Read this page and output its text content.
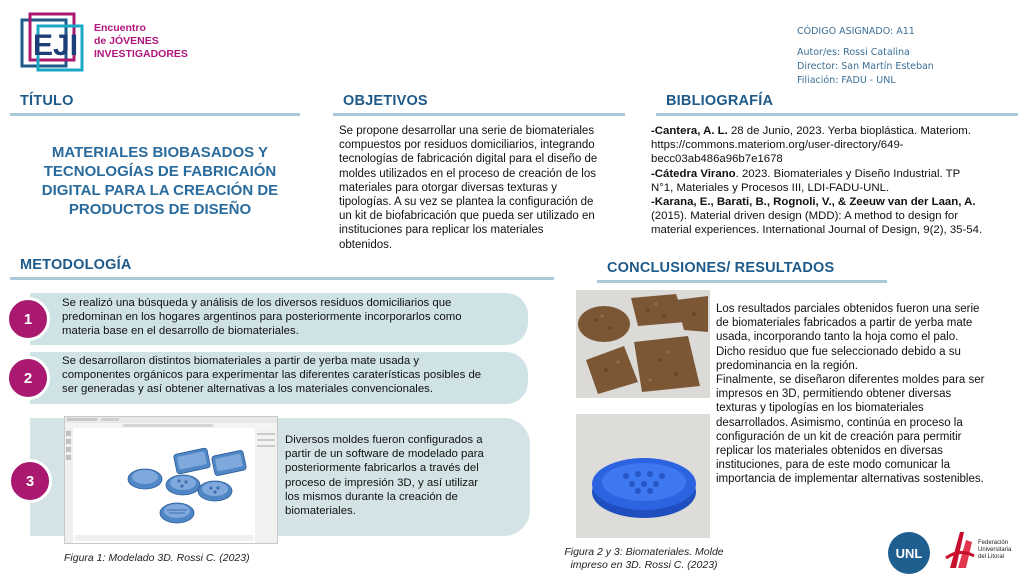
EJI
Encuentro
de JÓVENES
INVESTIGADORES
CÓDIGO ASIGNADO: A11
Autor/es: Rossi Catalina
Director: San Martín Esteban
Filiación: FADU - UNL
TÍTULO
MATERIALES BIOBASADOS Y
TECNOLOGÍAS DE FABRICAIÓN
DIGITAL PARA LA CREACIÓN DE
PRODUCTOS DE DISEÑO
OBJETIVOS
Se propone desarrollar una serie de biomateriales
compuestos por residuos domiciliarios, integrando
tecnologías de fabricación digital para el diseño de
moldes utilizados en el proceso de creación de los
materiales para otorgar diversas texturas y
tipologías. A su vez se plantea la configuración de
un kit de biofabricación que pueda ser utilizado en
instituciones para replicar los materiales
obtenidos.
BIBLIOGRAFÍA
-Cantera, A. L. 28 de Junio, 2023. Yerba bioplástica. Materiom.
https://commons.materiom.org/user-directory/649-
becc03ab486a96b7e1678
-Cátedra Virano. 2023. Biomateriales y Diseño Industrial. TP
N°1, Materiales y Procesos III, LDI-FADU-UNL.
-Karana, E., Barati, B., Rognoli, V., & Zeeuw van der Laan, A.
(2015). Material driven design (MDD): A method to design for
material experiences. International Journal of Design, 9(2), 35-54.
METODOLOGÍA
1
Se realizó una búsqueda y análisis de los diversos residuos domiciliarios que
predominan en los hogares argentinos para posteriormente incorporarlos como
materia base en el desarrollo de biomateriales.
2
Se desarrollaron distintos biomateriales a partir de yerba mate usada y
componentes orgánicos para experimentar las diferentes caraterísticas posibles de
ser generadas y así obtener alternativas a los materiales convencionales.
3
Diversos moldes fueron configurados a
partir de un software de modelado para
posteriormente fabricarlos a través del
proceso de impresión 3D, y así utilizar
los mismos durante la creación de
biomateriales.
Figura 1: Modelado 3D. Rossi C. (2023)
CONCLUSIONES/ RESULTADOS
Los resultados parciales obtenidos fueron una serie
de biomateriales fabricados a partir de yerba mate
usada, incorporando tanto la hoja como el palo.
Dicho residuo que fue seleccionado debido a su
predominancia en la región.
Finalmente, se diseñaron diferentes moldes para ser
impresos en 3D, permitiendo obtener diversas
texturas y tipologías en los biomateriales
desarrollados. Asimismo, continúa en proceso la
configuración de un kit de creación para permitir
replicar los materiales obtenidos en diversas
instituciones, para de este modo comunicar la
importancia de implementar alternativas sostenibles.
Figura 2 y 3: Biomateriales. Molde
impreso en 3D. Rossi C. (2023)
UNL
Federación
Universitaria
del Litoral
